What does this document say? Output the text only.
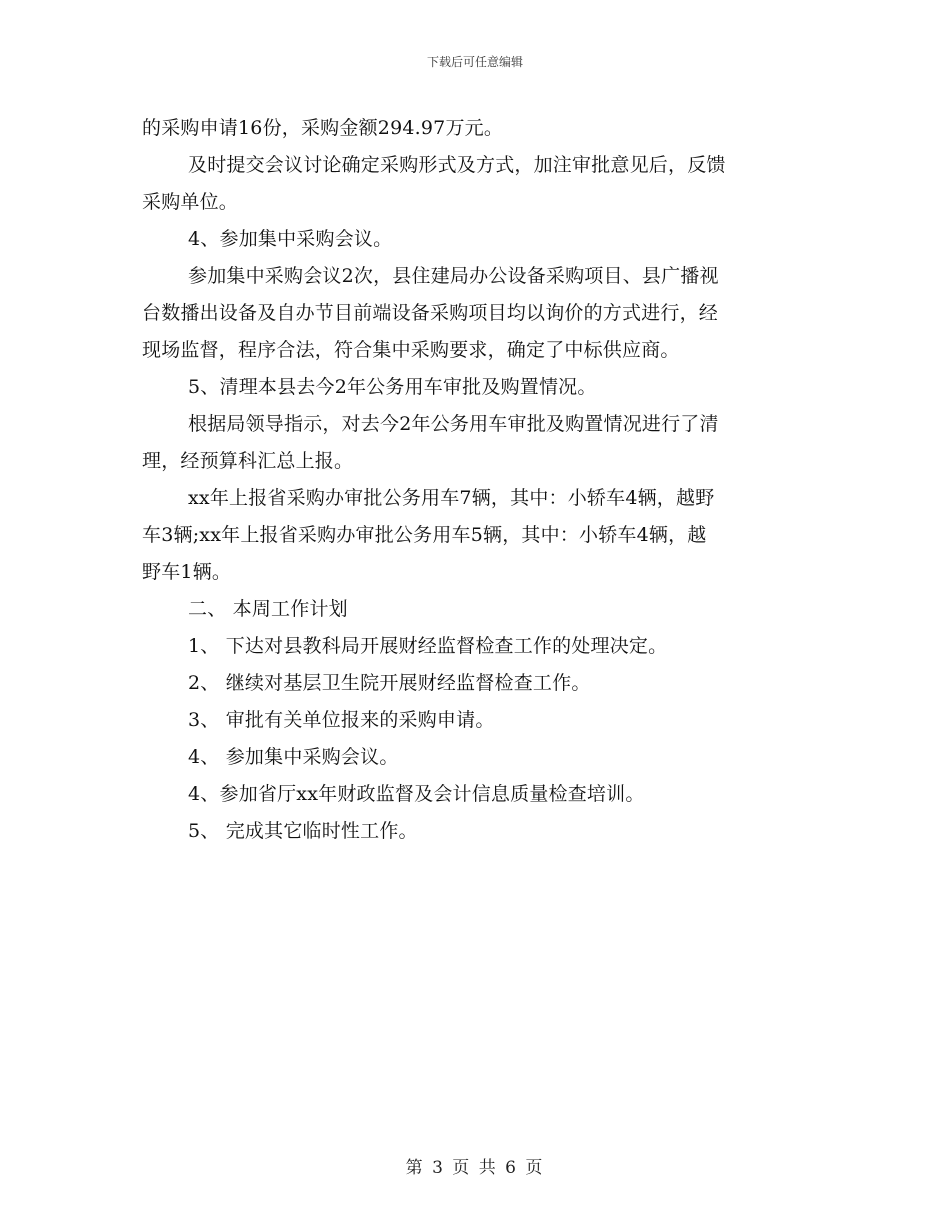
下载后可任意编辑
的采购申请16份，采购金额294.97万元。
及时提交会议讨论确定采购形式及方式，加注审批意见后，反馈
采购单位。
4、参加集中采购会议。
参加集中采购会议2次，县住建局办公设备采购项目、县广播视
台数播出设备及自办节目前端设备采购项目均以询价的方式进行，经
现场监督，程序合法，符合集中采购要求，确定了中标供应商。
5、清理本县去今2年公务用车审批及购置情况。
根据局领导指示，对去今2年公务用车审批及购置情况进行了清
理，经预算科汇总上报。
xx年上报省采购办审批公务用车7辆，其中：小轿车4辆，越野
车3辆;xx年上报省采购办审批公务用车5辆，其中：小轿车4辆，越
野车1辆。
二、 本周工作计划
1、 下达对县教科局开展财经监督检查工作的处理决定。
2、 继续对基层卫生院开展财经监督检查工作。
3、 审批有关单位报来的采购申请。
4、 参加集中采购会议。
4、参加省厅xx年财政监督及会计信息质量检查培训。
5、 完成其它临时性工作。
第 3 页 共 6 页
